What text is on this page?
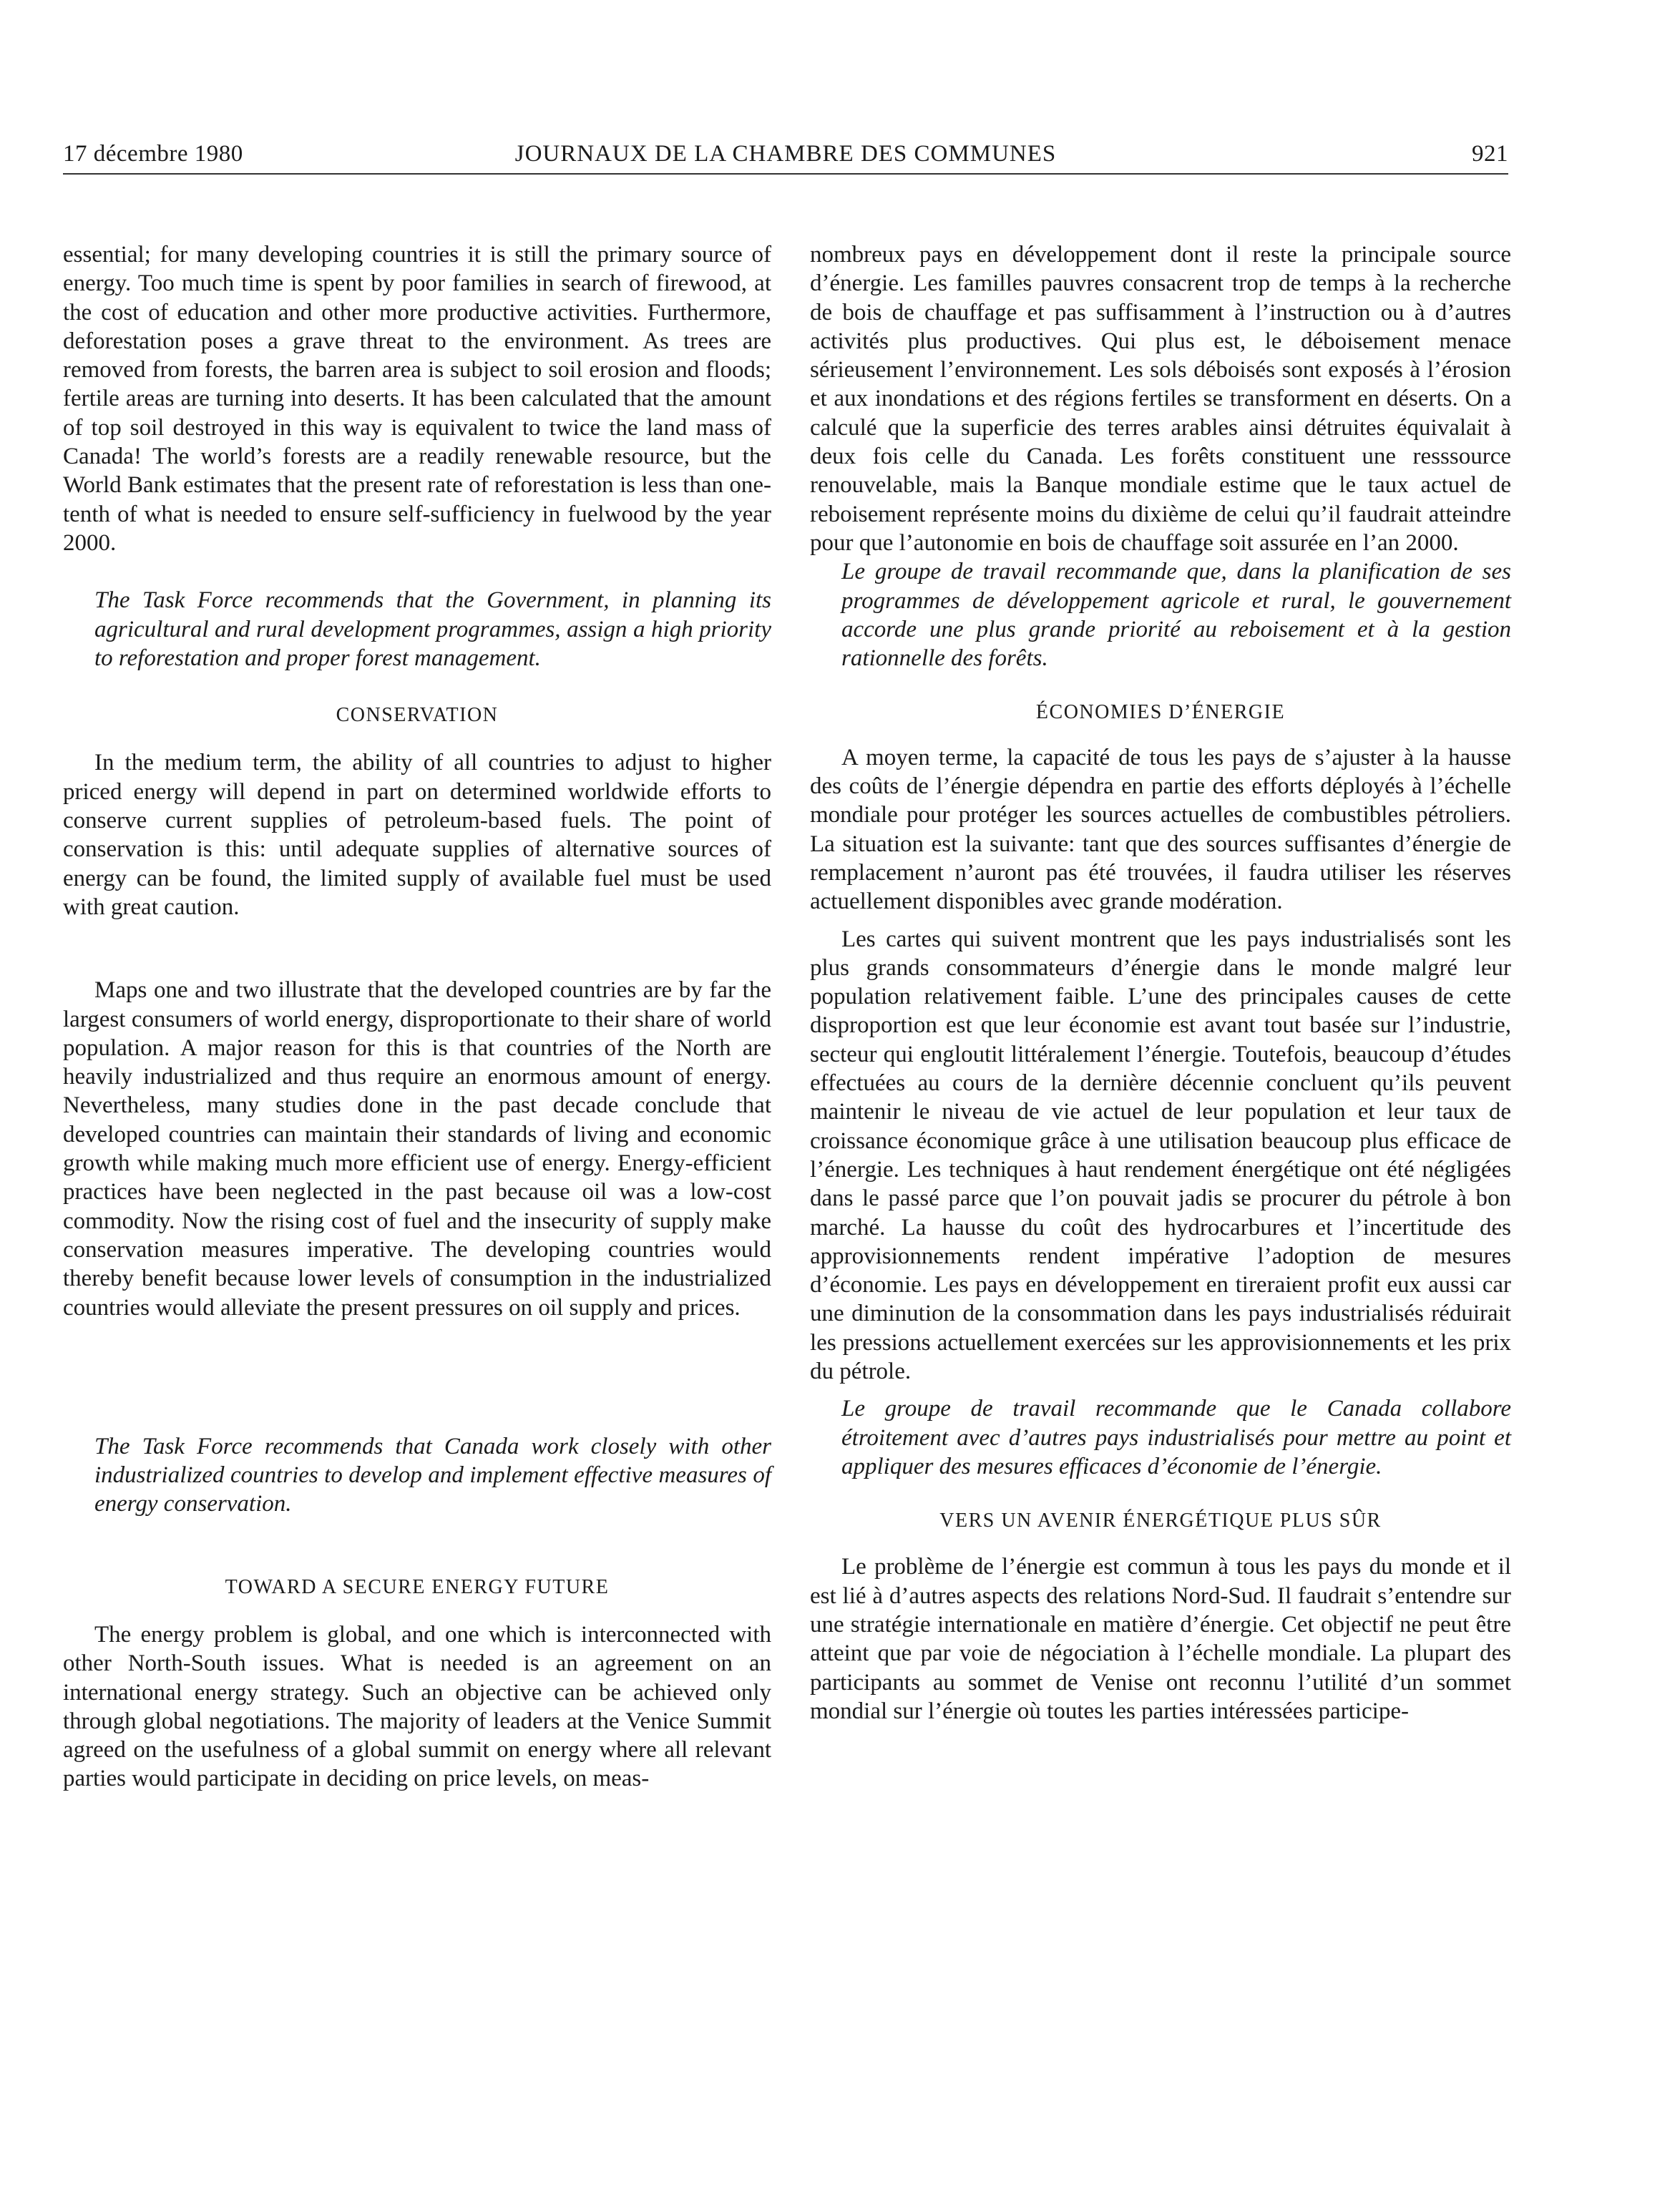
17 décembre 1980	JOURNAUX DE LA CHAMBRE DES COMMUNES	921

essential; for many developing countries it is still the primary source of energy. Too much time is spent by poor families in search of firewood, at the cost of education and other more productive activities. Furthermore, deforestation poses a grave threat to the environment. As trees are removed from forests, the barren area is subject to soil erosion and floods; fertile areas are turning into deserts. It has been calculated that the amount of top soil destroyed in this way is equivalent to twice the land mass of Canada! The world’s forests are a readily renewable resource, but the World Bank estimates that the present rate of reforestation is less than one-tenth of what is needed to ensure self-sufficiency in fuelwood by the year 2000.

The Task Force recommends that the Government, in planning its agricultural and rural development programmes, assign a high priority to reforestation and proper forest management.

CONSERVATION

In the medium term, the ability of all countries to adjust to higher priced energy will depend in part on determined worldwide efforts to conserve current supplies of petroleum-based fuels. The point of conservation is this: until adequate supplies of alternative sources of energy can be found, the limited supply of available fuel must be used with great caution.

Maps one and two illustrate that the developed countries are by far the largest consumers of world energy, disproportionate to their share of world population. A major reason for this is that countries of the North are heavily industrialized and thus require an enormous amount of energy. Nevertheless, many studies done in the past decade conclude that developed countries can maintain their standards of living and economic growth while making much more efficient use of energy. Energy-efficient practices have been neglected in the past because oil was a low-cost commodity. Now the rising cost of fuel and the insecurity of supply make conservation measures imperative. The developing countries would thereby benefit because lower levels of consumption in the industrialized countries would alleviate the present pressures on oil supply and prices.

The Task Force recommends that Canada work closely with other industrialized countries to develop and implement effective measures of energy conservation.

TOWARD A SECURE ENERGY FUTURE

The energy problem is global, and one which is interconnected with other North-South issues. What is needed is an agreement on an international energy strategy. Such an objective can be achieved only through global negotiations. The majority of leaders at the Venice Summit agreed on the usefulness of a global summit on energy where all relevant parties would participate in deciding on price levels, on meas-

nombreux pays en développement dont il reste la principale source d’énergie. Les familles pauvres consacrent trop de temps à la recherche de bois de chauffage et pas suffisamment à l’instruction ou à d’autres activités plus productives. Qui plus est, le déboisement menace sérieusement l’environnement. Les sols déboisés sont exposés à l’érosion et aux inondations et des régions fertiles se transforment en déserts. On a calculé que la superficie des terres arables ainsi détruites équivalait à deux fois celle du Canada. Les forêts constituent une resssource renouvelable, mais la Banque mondiale estime que le taux actuel de reboisement représente moins du dixième de celui qu’il faudrait atteindre pour que l’autonomie en bois de chauffage soit assurée en l’an 2000.

Le groupe de travail recommande que, dans la planification de ses programmes de développement agricole et rural, le gouvernement accorde une plus grande priorité au reboisement et à la gestion rationnelle des forêts.

ÉCONOMIES D’ÉNERGIE

A moyen terme, la capacité de tous les pays de s’ajuster à la hausse des coûts de l’énergie dépendra en partie des efforts déployés à l’échelle mondiale pour protéger les sources actuelles de combustibles pétroliers. La situation est la suivante: tant que des sources suffisantes d’énergie de remplacement n’auront pas été trouvées, il faudra utiliser les réserves actuellement disponibles avec grande modération.

Les cartes qui suivent montrent que les pays industrialisés sont les plus grands consommateurs d’énergie dans le monde malgré leur population relativement faible. L’une des principales causes de cette disproportion est que leur économie est avant tout basée sur l’industrie, secteur qui engloutit littéralement l’énergie. Toutefois, beaucoup d’études effectuées au cours de la dernière décennie concluent qu’ils peuvent maintenir le niveau de vie actuel de leur population et leur taux de croissance économique grâce à une utilisation beaucoup plus efficace de l’énergie. Les techniques à haut rendement énergétique ont été négligées dans le passé parce que l’on pouvait jadis se procurer du pétrole à bon marché. La hausse du coût des hydrocarbures et l’incertitude des approvisionnements rendent impérative l’adoption de mesures d’économie. Les pays en développement en tireraient profit eux aussi car une diminution de la consommation dans les pays industrialisés réduirait les pressions actuellement exercées sur les approvisionnements et les prix du pétrole.

Le groupe de travail recommande que le Canada collabore étroitement avec d’autres pays industrialisés pour mettre au point et appliquer des mesures efficaces d’économie de l’énergie.

VERS UN AVENIR ÉNERGÉTIQUE PLUS SÛR

Le problème de l’énergie est commun à tous les pays du monde et il est lié à d’autres aspects des relations Nord-Sud. Il faudrait s’entendre sur une stratégie internationale en matière d’énergie. Cet objectif ne peut être atteint que par voie de négociation à l’échelle mondiale. La plupart des participants au sommet de Venise ont reconnu l’utilité d’un sommet mondial sur l’énergie où toutes les parties intéressées participe-
